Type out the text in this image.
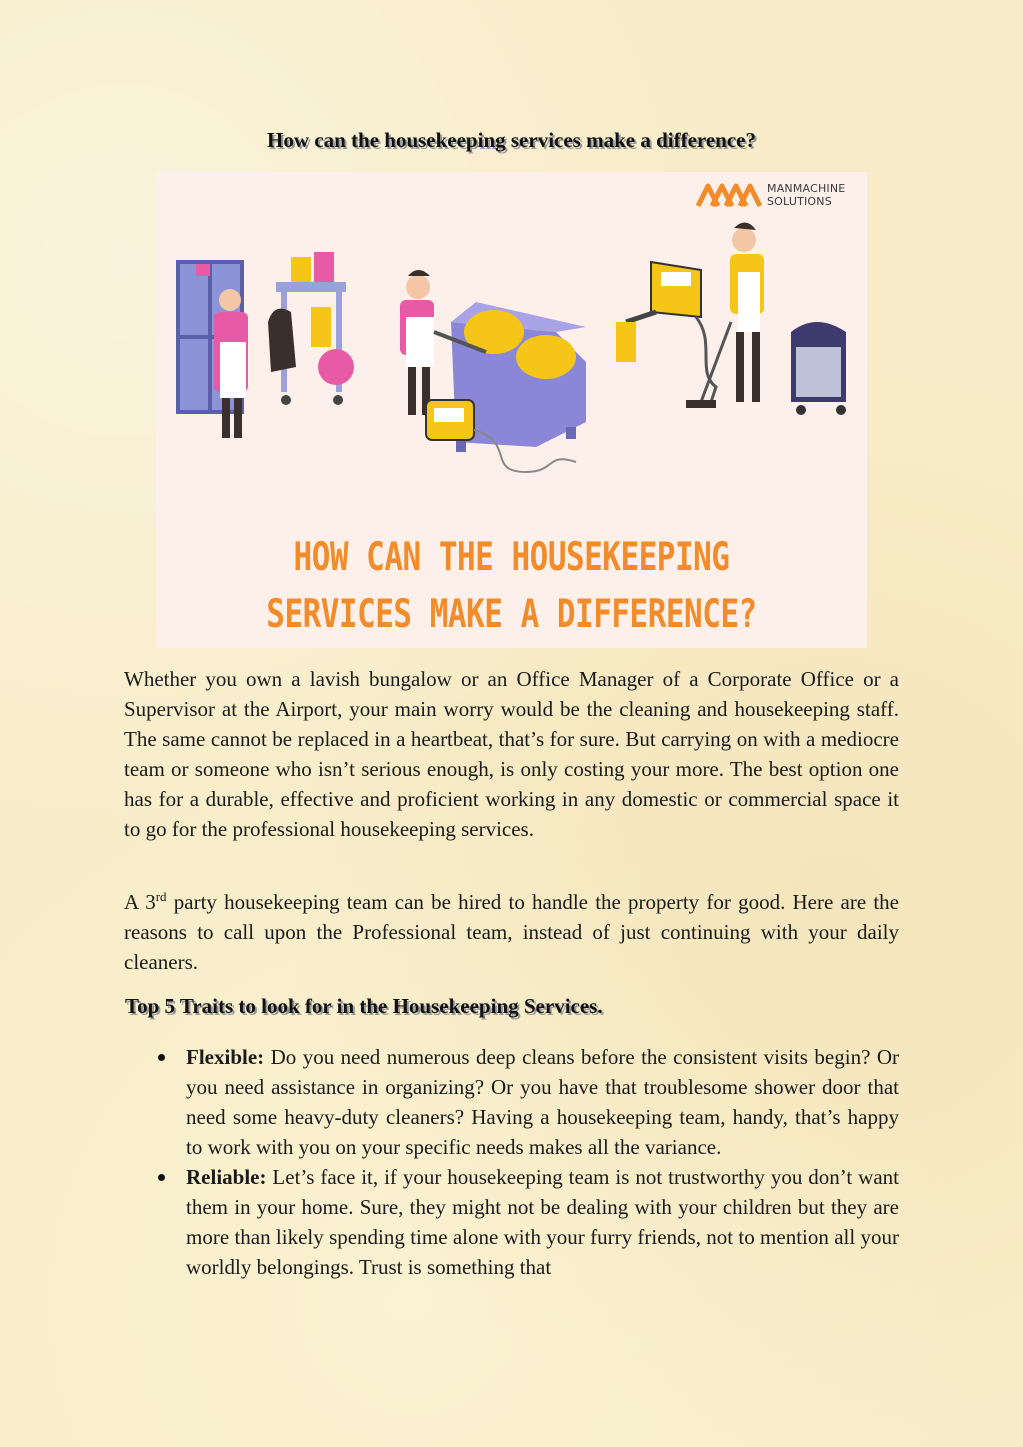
How can the housekeeping services make a difference?
MANMACHINE
SOLUTIONS
HOW CAN THE HOUSEKEEPING
SERVICES MAKE A DIFFERENCE?

Whether you own a lavish bungalow or an Office Manager of a Corporate Office or a Supervisor at the Airport, your main worry would be the cleaning and housekeeping staff. The same cannot be replaced in a heartbeat, that’s for sure. But carrying on with a mediocre team or someone who isn’t serious enough, is only costing your more. The best option one has for a durable, effective and proficient working in any domestic or commercial space it to go for the professional housekeeping services.

A 3rd party housekeeping team can be hired to handle the property for good. Here are the reasons to call upon the Professional team, instead of just continuing with your daily cleaners.

Top 5 Traits to look for in the Housekeeping Services.
Flexible: Do you need numerous deep cleans before the consistent visits begin? Or you need assistance in organizing? Or you have that troublesome shower door that need some heavy-duty cleaners? Having a housekeeping team, handy, that’s happy to work with you on your specific needs makes all the variance.
Reliable: Let’s face it, if your housekeeping team is not trustworthy you don’t want them in your home. Sure, they might not be dealing with your children but they are more than likely spending time alone with your furry friends, not to mention all your worldly belongings. Trust is something that
